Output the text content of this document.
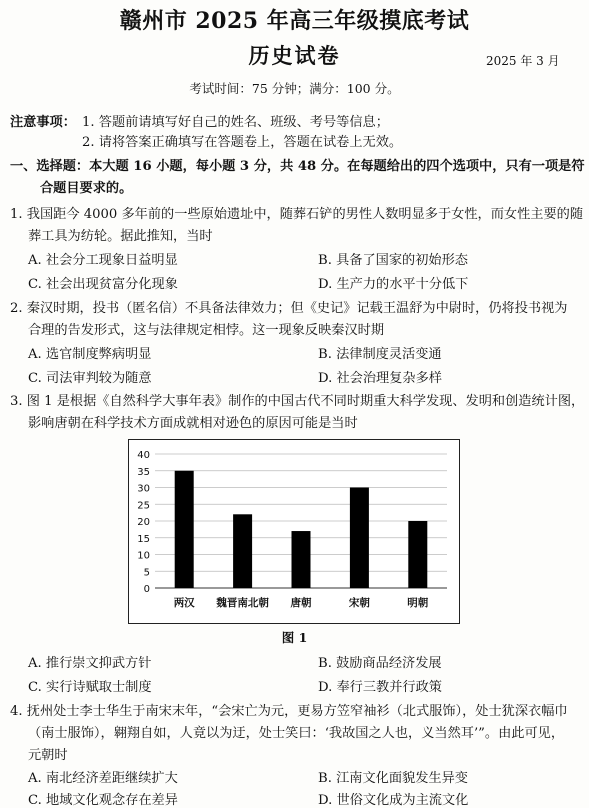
赣州市 2025 年高三年级摸底考试
历史试卷	2025 年 3 月
考试时间：75 分钟；满分：100 分。
注意事项： 1. 答题前请填写好自己的姓名、班级、考号等信息；
2. 请将答案正确填写在答题卷上，答题在试卷上无效。
一、选择题：本大题 16 小题，每小题 3 分，共 48 分。在每题给出的四个选项中，只有一项是符
合题目要求的。
1. 我国距今 4000 多年前的一些原始遗址中，随葬石铲的男性人数明显多于女性，而女性主要的随
葬工具为纺轮。据此推知，当时
A. 社会分工现象日益明显	B. 具备了国家的初始形态
C. 社会出现贫富分化现象	D. 生产力的水平十分低下
2. 秦汉时期，投书（匿名信）不具备法律效力；但《史记》记载王温舒为中尉时，仍将投书视为
合理的告发形式，这与法律规定相悖。这一现象反映秦汉时期
A. 选官制度弊病明显	B. 法律制度灵活变通
C. 司法审判较为随意	D. 社会治理复杂多样
3. 图 1 是根据《自然科学大事年表》制作的中国古代不同时期重大科学发现、发明和创造统计图，
影响唐朝在科学技术方面成就相对逊色的原因可能是当时
0
5
10
15
20
25
30
35
40
两汉 魏晋南北朝 唐朝	宋朝	明朝
图 1
A. 推行崇文抑武方针	B. 鼓励商品经济发展
C. 实行诗赋取士制度	D. 奉行三教并行政策
4. 抚州处士李士华生于南宋末年，“会宋亡为元，更易方笠窄袖衫（北式服饰），处士犹深衣幅巾
（南士服饰），翱翔自如，人竟以为迂，处士笑曰：‘我故国之人也，义当然耳’”。由此可见，
元朝时
A. 南北经济差距继续扩大	B. 江南文化面貌发生异变
C. 地域文化观念存在差异	D. 世俗文化成为主流文化
